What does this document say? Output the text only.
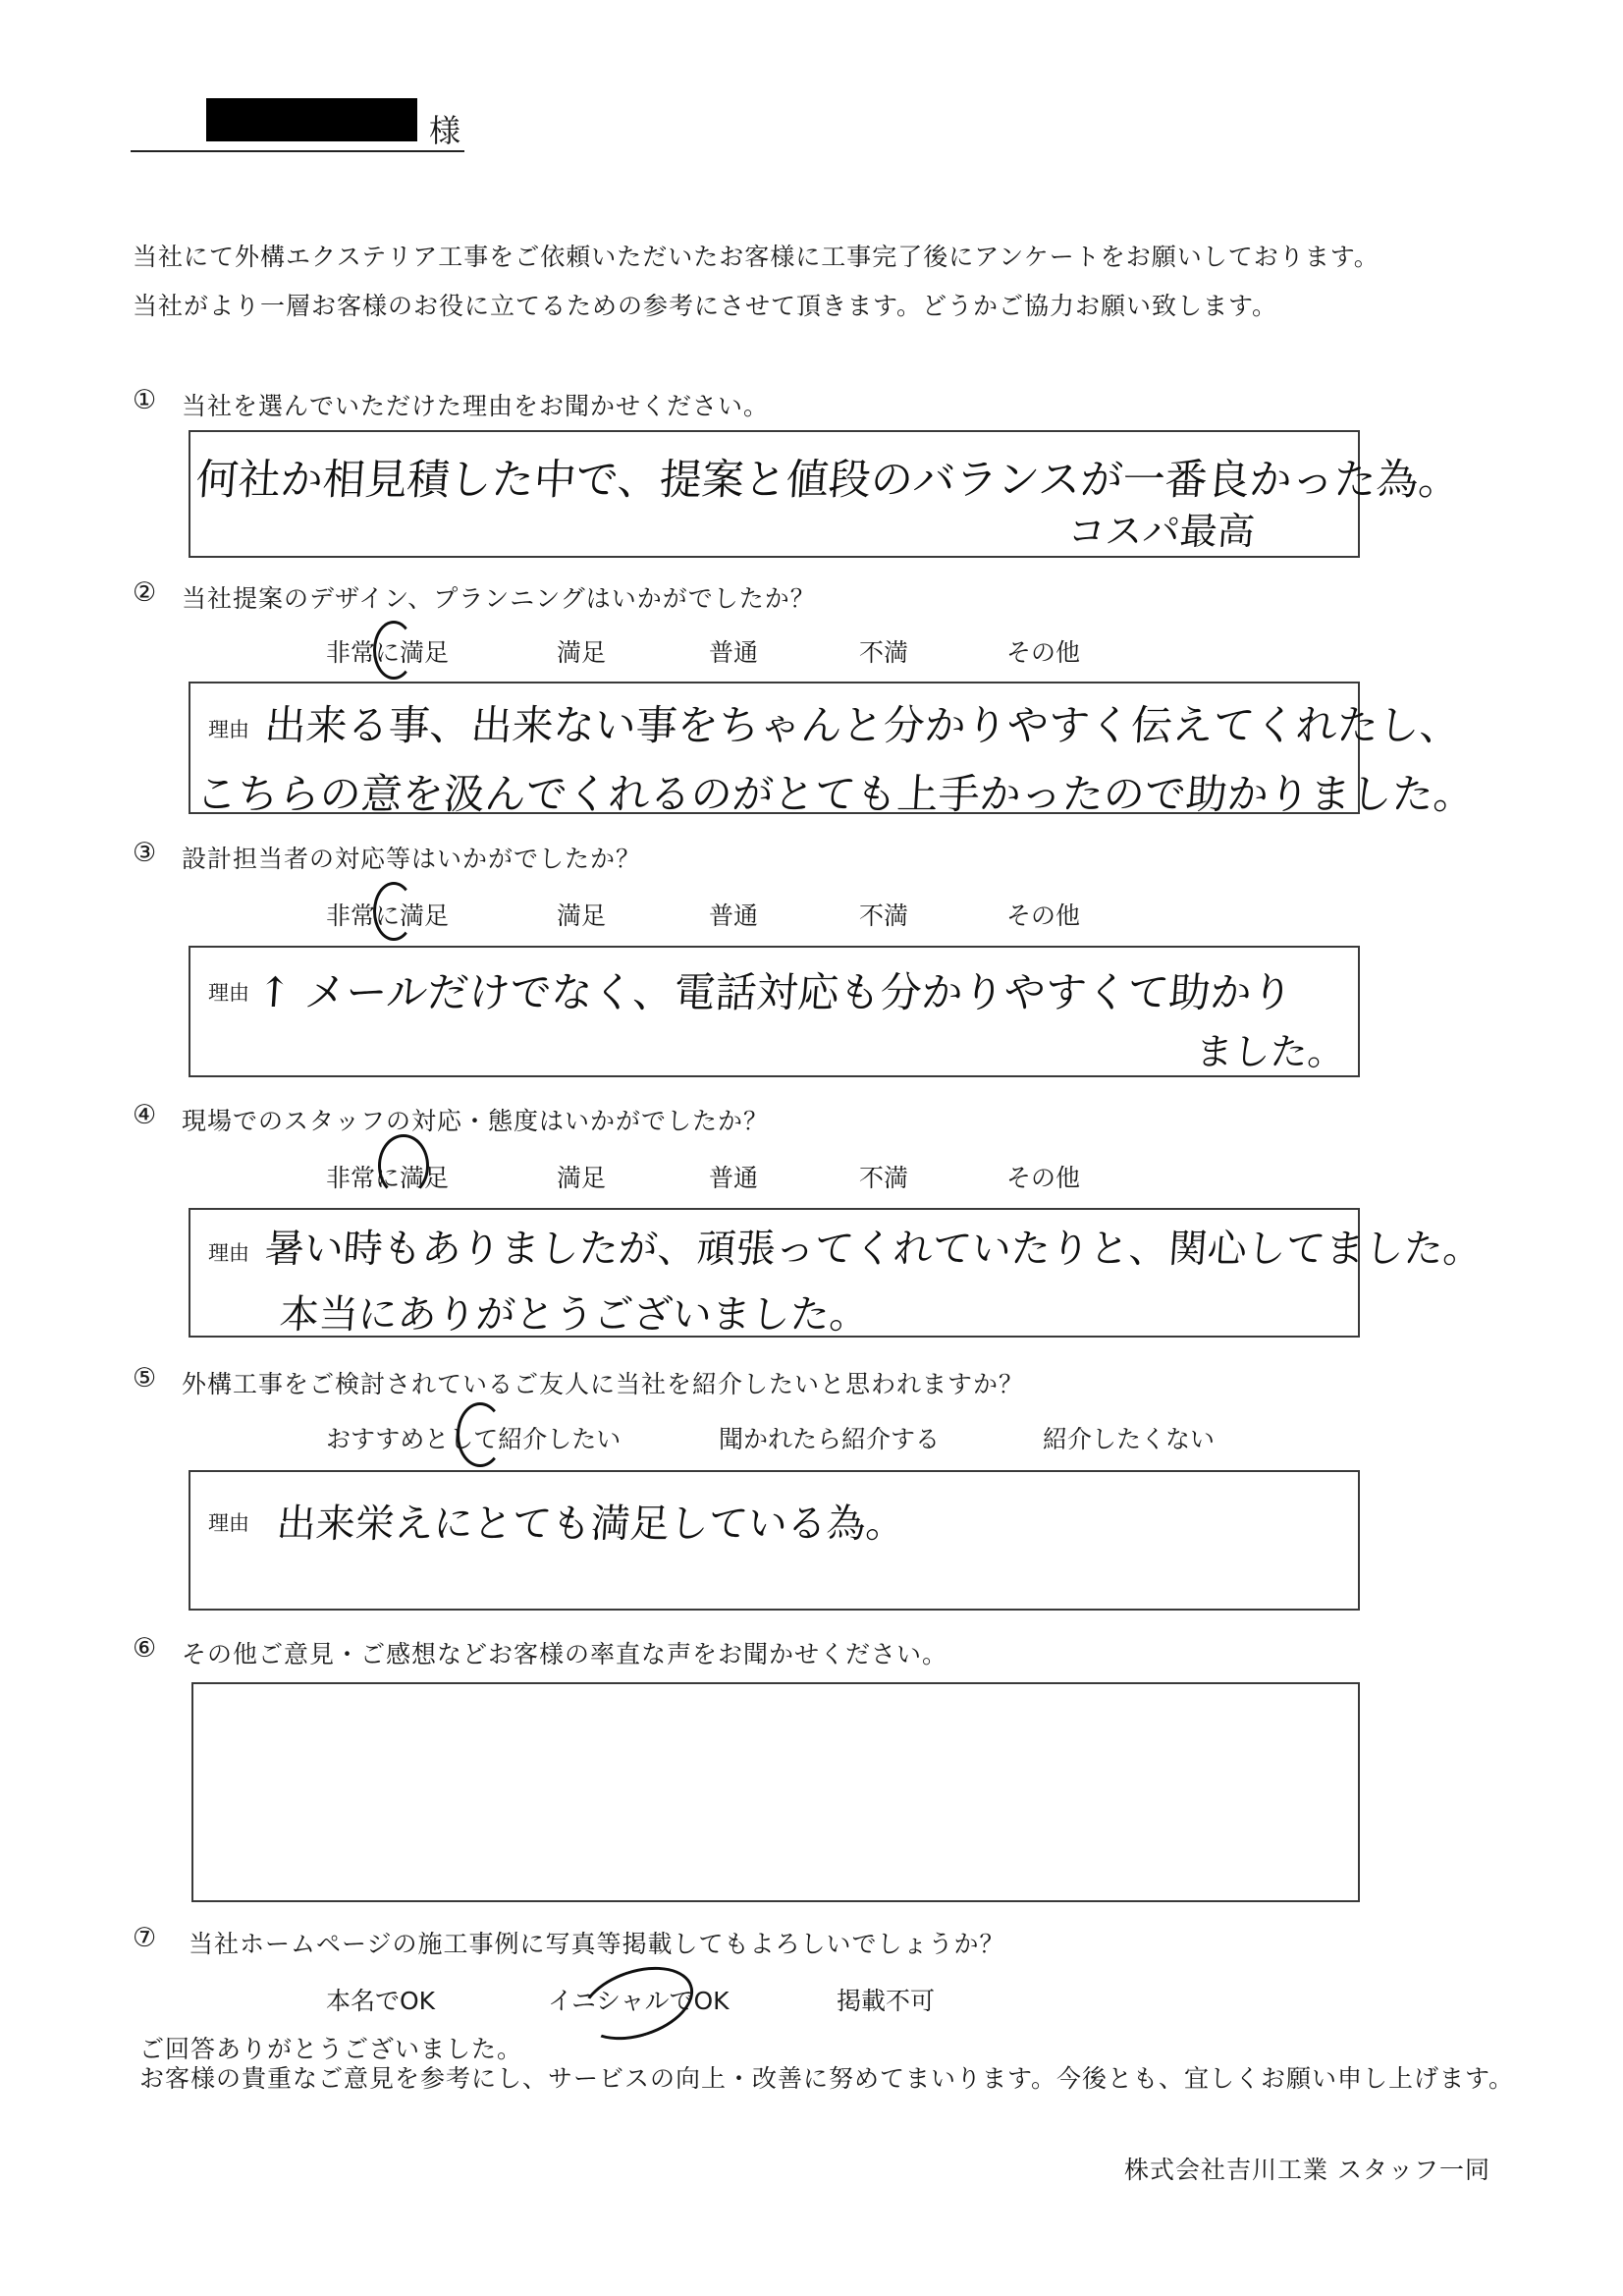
様
当社にて外構エクステリア工事をご依頼いただいたお客様に工事完了後にアンケートをお願いしております。
当社がより一層お客様のお役に立てるための参考にさせて頂きます。どうかご協力お願い致します。
① 当社を選んでいただけた理由をお聞かせください。
何社か相見積した中で、提案と値段のバランスが一番良かった為。
コスパ最高
② 当社提案のデザイン、プランニングはいかがでしたか？
非常に満足	満足	普通	不満	その他
理由 出来る事、出来ない事をちゃんと分かりやすく伝えてくれたし、
こちらの意を汲んでくれるのがとても上手かったので助かりました。
③ 設計担当者の対応等はいかがでしたか？
非常に満足	満足	普通	不満	その他
理由 ↑ メールだけでなく、電話対応も分かりやすくて助かり
ました。
④ 現場でのスタッフの対応・態度はいかがでしたか？
非常に満足	満足	普通	不満	その他
理由 暑い時もありましたが、頑張ってくれていたりと、関心してました。
本当にありがとうございました。
⑤ 外構工事をご検討されているご友人に当社を紹介したいと思われますか？
おすすめとして紹介したい	聞かれたら紹介する	紹介したくない
理由 出来栄えにとても満足している為。
⑥ その他ご意見・ご感想などお客様の率直な声をお聞かせください。
⑦ 当社ホームページの施工事例に写真等掲載してもよろしいでしょうか？
本名でOK	イニシャルでOK	掲載不可
ご回答ありがとうございました。
お客様の貴重なご意見を参考にし、サービスの向上・改善に努めてまいります。今後とも、宜しくお願い申し上げます。
株式会社吉川工業 スタッフ一同
